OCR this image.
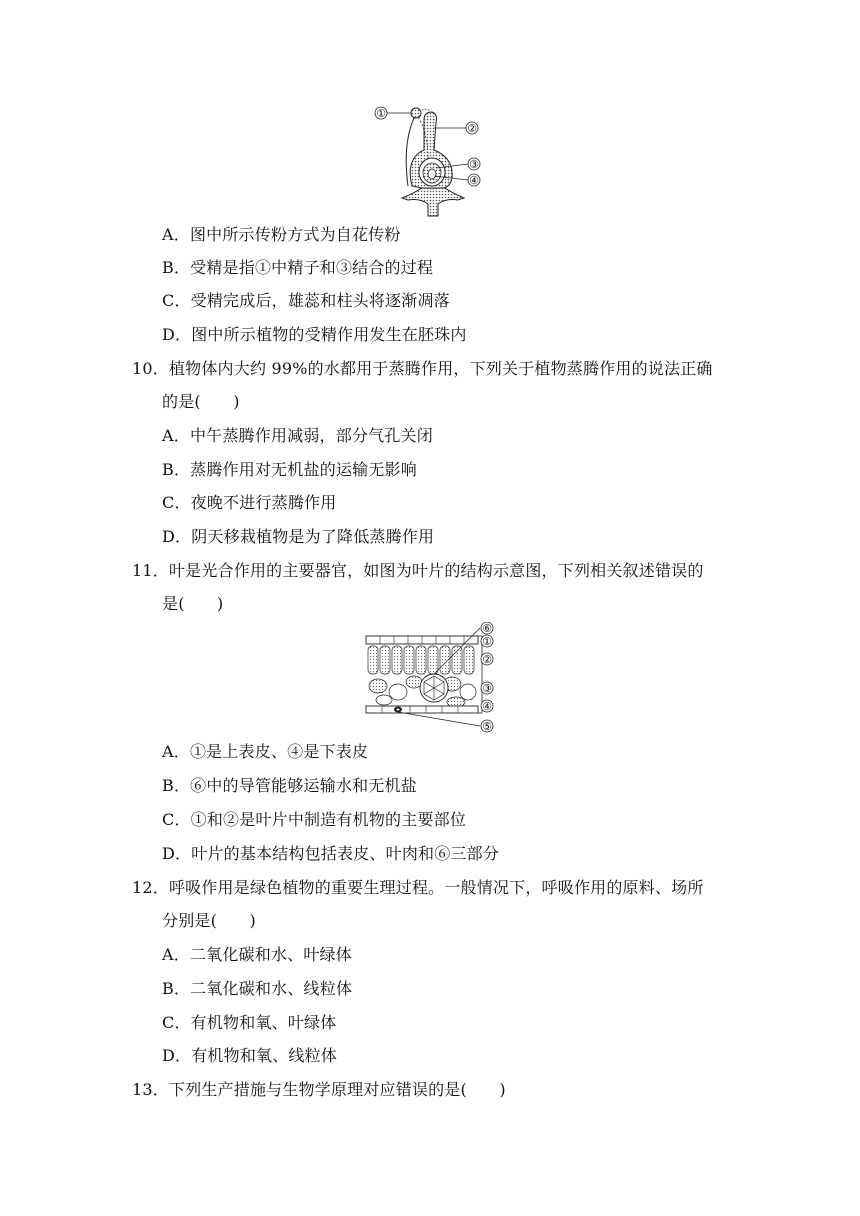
①
②
③
④
A．图中所示传粉方式为自花传粉
B．受精是指①中精子和③结合的过程
C．受精完成后，雄蕊和柱头将逐渐凋落
D．图中所示植物的受精作用发生在胚珠内
10．植物体内大约 99%的水都用于蒸腾作用，下列关于植物蒸腾作用的说法正确
的是(　　)
A．中午蒸腾作用减弱，部分气孔关闭
B．蒸腾作用对无机盐的运输无影响
C．夜晚不进行蒸腾作用
D．阴天移栽植物是为了降低蒸腾作用
11．叶是光合作用的主要器官，如图为叶片的结构示意图，下列相关叙述错误的
是(　　)
⑥
①
②
③
④
⑤
A．①是上表皮、④是下表皮
B．⑥中的导管能够运输水和无机盐
C．①和②是叶片中制造有机物的主要部位
D．叶片的基本结构包括表皮、叶肉和⑥三部分
12．呼吸作用是绿色植物的重要生理过程。一般情况下，呼吸作用的原料、场所
分别是(　　)
A．二氧化碳和水、叶绿体
B．二氧化碳和水、线粒体
C．有机物和氧、叶绿体
D．有机物和氧、线粒体
13．下列生产措施与生物学原理对应错误的是(　　)
